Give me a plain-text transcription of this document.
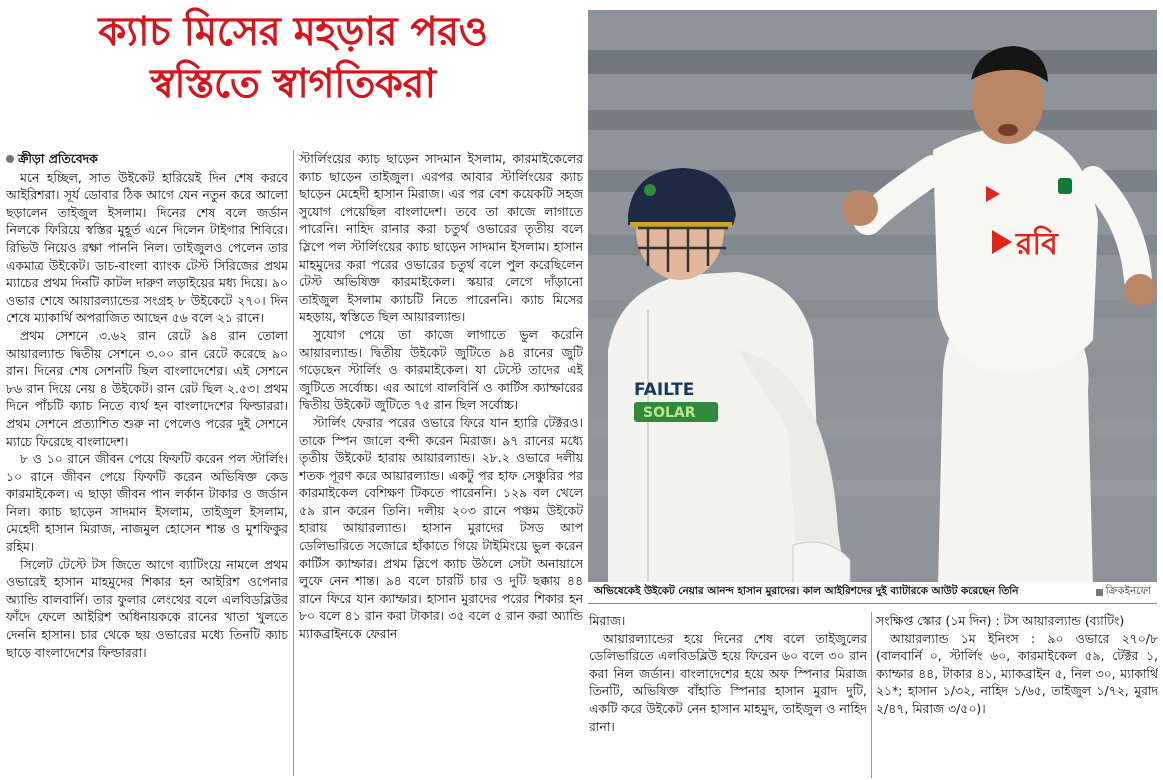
ক্যাচ মিসের মহড়ার পরও
স্বস্তিতে স্বাগতিকরা
ক্রীড়া প্রতিবেদক

মনে হচ্ছিল, সাত উইকেট হারিয়েই দিন শেষ করবে আইরিশরা। সূর্য ডোবার ঠিক আগে যেন নতুন করে আলো ছড়ালেন তাইজুল ইসলাম। দিনের শেষ বলে জর্ডান নিলকে ফিরিয়ে স্বস্তির মুহূর্ত এনে দিলেন টাইগার শিবিরে। রিভিউ নিয়েও রক্ষা পাননি নিল। তাইজুলও পেলেন তার একমাত্র উইকেট। ডাচ-বাংলা ব্যাংক টেস্ট সিরিজের প্রথম ম্যাচের প্রথম দিনটি কাটল দারুণ লড়াইয়ের মধ্য দিয়ে। ৯০ ওভার শেষে আয়ারল্যান্ডের সংগ্রহ ৮ উইকেটে ২৭০। দিন শেষে ম্যাকার্থি অপরাজিত আছেন ৫৬ বলে ২১ রানে।

প্রথম সেশনে ৩.৬২ রান রেটে ৯৪ রান তোলা আয়ারল্যান্ড দ্বিতীয় সেশনে ৩.০০ রান রেটে করেছে ৯০ রান। দিনের শেষ সেশনটি ছিল বাংলাদেশের। এই সেশনে ৮৬ রান দিয়ে নেয় ৪ উইকেট। রান রেট ছিল ২.৫৩। প্রথম দিনে পাঁচটি ক্যাচ নিতে ব্যর্থ হন বাংলাদেশের ফিল্ডাররা। প্রথম সেশনে প্রত্যাশিত শুরু না পেলেও পরের দুই সেশনে ম্যাচে ফিরেছে বাংলাদেশ।

৮ ও ১০ রানে জীবন পেয়ে ফিফটি করেন পল স্টার্লিং। ১০ রানে জীবন পেয়ে ফিফটি করেন অভিষিক্ত কেড কারমাইকেল। এ ছাড়া জীবন পান লর্কান টাকার ও জর্ডান নিল। ক্যাচ ছাড়েন সাদমান ইসলাম, তাইজুল ইসলাম, মেহেদী হাসান মিরাজ, নাজমুল হোসেন শান্ত ও মুশফিকুর রহিম।

সিলেট টেস্টে টস জিতে আগে ব্যাটিংয়ে নামলে প্রথম ওভারেই হাসান মাহমুদের শিকার হন আইরিশ ওপেনার অ্যান্ডি বালবার্নি। তার ফুলার লেংথের বলে এলবিডব্লিউর ফাঁদে ফেলে আইরিশ অধিনায়ককে রানের খাতা খুলতে দেননি হাসান। চার থেকে ছয় ওভারের মধ্যে তিনটি ক্যাচ ছাড়ে বাংলাদেশের ফিল্ডাররা।

স্টার্লিংয়ের ক্যাচ ছাড়েন সাদমান ইসলাম, কারমাইকেলের ক্যাচ ছাড়েন তাইজুল। এরপর আবার স্টার্লিংয়ের ক্যাচ ছাড়েন মেহেদী হাসান মিরাজ। এর পর বেশ কয়েকটি সহজ সুযোগ পেয়েছিল বাংলাদেশ। তবে তা কাজে লাগাতে পারেনি। নাহিদ রানার করা চতুর্থ ওভারের তৃতীয় বলে স্লিপে পল স্টার্লিংয়ের ক্যাচ ছাড়েন সাদমান ইসলাম। হাসান মাহমুদের করা পরের ওভারের চতুর্থ বলে পুল করেছিলেন টেস্ট অভিষিক্ত কারমাইকেল। স্কয়ার লেগে দাঁড়ানো তাইজুল ইসলাম ক্যাচটি নিতে পারেননি। ক্যাচ মিসের মহড়ায়, স্বস্তিতে ছিল আয়ারল্যান্ড।

সুযোগ পেয়ে তা কাজে লাগাতে ভুল করেনি আয়ারল্যান্ড। দ্বিতীয় উইকেট জুটিতে ৯৪ রানের জুটি গড়েছেন স্টার্লিং ও কারমাইকেল। যা টেস্টে তাদের এই জুটিতে সর্বোচ্চ। এর আগে বালবির্নি ও কার্টিস ক্যাম্ফারের দ্বিতীয় উইকেট জুটিতে ৭৫ রান ছিল সর্বোচ্চ।

স্টার্লিং ফেরার পরের ওভারে ফিরে যান হ্যারি টেক্টরও। তাকে স্পিন জালে বন্দী করেন মিরাজ। ৯৭ রানের মধ্যে তৃতীয় উইকেট হারায় আয়ারল্যান্ড। ২৮.২ ওভারে দলীয় শতক পূরণ করে আয়ারল্যান্ড। একটু পর হাফ সেঞ্চুরির পর কারমাইকেল বেশিক্ষণ টিকতে পারেননি। ১২৯ বল খেলে ৫৯ রান করেন তিনি। দলীয় ২০৩ রানে পঞ্চম উইকেট হারায় আয়ারল্যান্ড। হাসান মুরাদের টসড আপ ডেলিভারিতে সজোরে হাঁকাতে গিয়ে টাইমিংয়ে ভুল করেন কার্টিস ক্যাম্ফার। প্রথম স্লিপে ক্যাচ উঠলে সেটা অনায়াসে লুফে নেন শান্ত। ৯৪ বলে চারটি চার ও দুটি ছক্কায় ৪৪ রানে ফিরে যান ক্যাম্ফার। হাসান মুরাদের পরের শিকার হন ৮০ বলে ৪১ রান করা টাকার। ৩৫ বলে ৫ রান করা অ্যান্ডি ম্যাকব্রাইনকে ফেরান

FAILTE
SOLAR
রবি
অভিষেকেই উইকেট নেয়ার আনন্দ হাসান মুরাদের। কাল আইরিশদের দুই ব্যাটারকে আউট করেছেন তিনি	ক্রিকইনফো

মিরাজ।

আয়ারল্যান্ডের হয়ে দিনের শেষ বলে তাইজুলের ডেলিভারিতে এলবিডব্লিউ হয়ে ফিরেন ৬০ বলে ৩০ রান করা নিল জর্ডান। বাংলাদেশের হয়ে অফ স্পিনার মিরাজ তিনটি, অভিষিক্ত বাঁহাতি স্পিনার হাসান মুরাদ দুটি, একটি করে উইকেট নেন হাসান মাহমুদ, তাইজুল ও নাহিদ রানা।

সংক্ষিপ্ত স্কোর (১ম দিন) : টস আয়ারল্যান্ড (ব্যাটিং)

আয়ারল্যান্ড ১ম ইনিংস : ৯০ ওভারে ২৭০/৮ (বালবার্নি ০, স্টার্লিং ৬০, কারমাইকেল ৫৯, টেক্টর ১, ক্যাম্ফার ৪৪, টাকার ৪১, ম্যাকব্রাইন ৫, নিল ৩০, ম্যাকার্থি ২১*; হাসান ১/৩২, নাহিদ ১/৬৫, তাইজুল ১/৭২, মুরাদ ২/৪৭, মিরাজ ৩/৫০)।
